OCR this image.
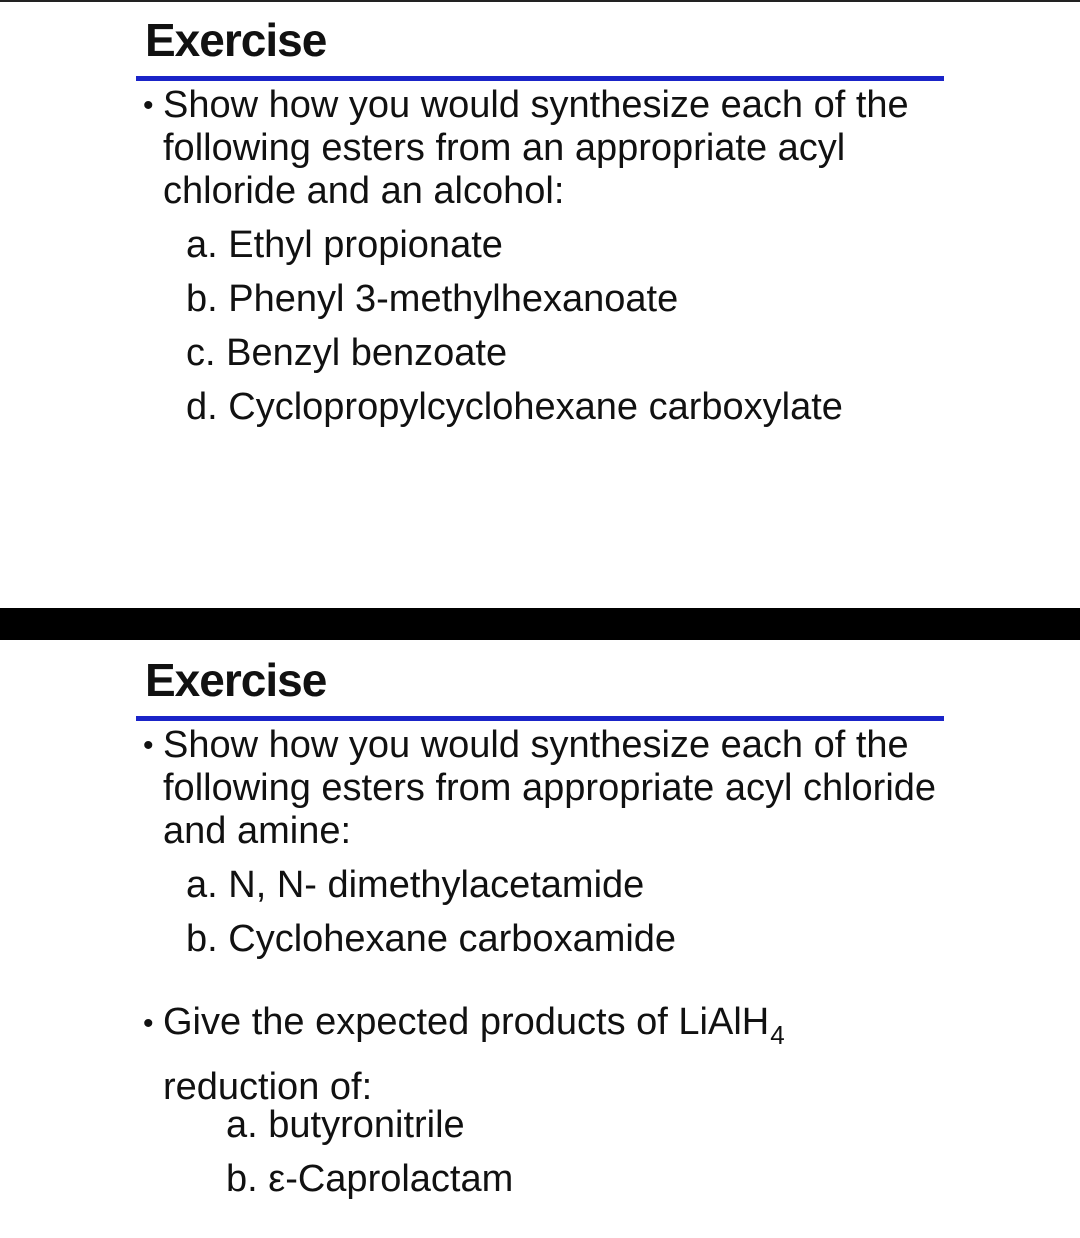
Exercise
• Show how you would synthesize each of the following esters from an appropriate acyl chloride and an alcohol:
a. Ethyl propionate
b. Phenyl 3-methylhexanoate
c. Benzyl benzoate
d. Cyclopropylcyclohexane carboxylate
Exercise
• Show how you would synthesize each of the following esters from appropriate acyl chloride and amine:
a. N, N- dimethylacetamide
b. Cyclohexane carboxamide
• Give the expected products of LiAlH$_4$
reduction of:
a. butyronitrile
b. ε-Caprolactam
